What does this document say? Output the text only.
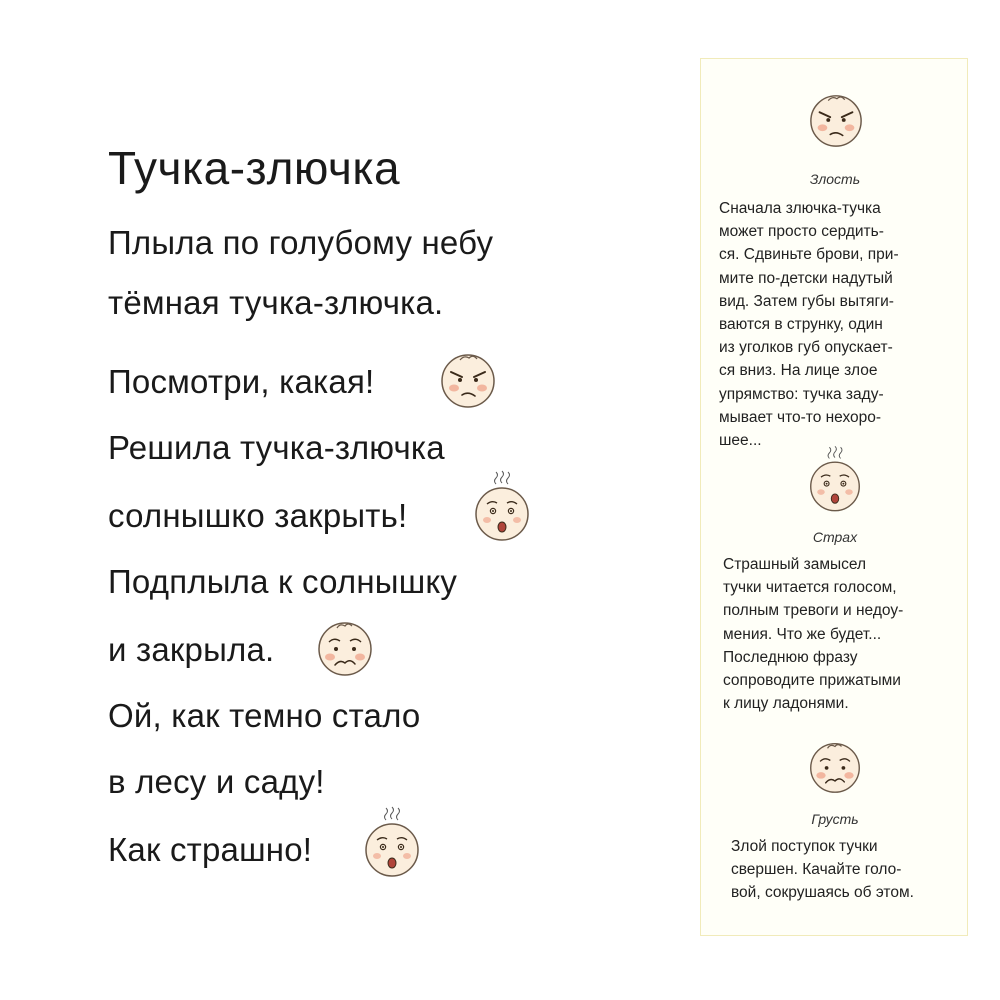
Тучка-злючка
Плыла по голубому небу
тёмная тучка-злючка.
Посмотри, какая!
Решила тучка-злючка
солнышко закрыть!
Подплыла к солнышку
и закрыла.
Ой, как темно стало
в лесу и саду!
Как страшно!
Злость
Сначала злючка-тучка
может просто сердить-
ся. Сдвиньте брови, при-
мите по-детски надутый
вид. Затем губы вытяги-
ваются в струнку, один
из уголков губ опускает-
ся вниз. На лице злое
упрямство: тучка заду-
мывает что-то нехоро-
шее...
Страх
Страшный замысел
тучки читается голосом,
полным тревоги и недоу-
мения. Что же будет...
Последнюю фразу
сопроводите прижатыми
к лицу ладонями.
Грусть
Злой поступок тучки
свершен. Качайте голо-
вой, сокрушаясь об этом.
